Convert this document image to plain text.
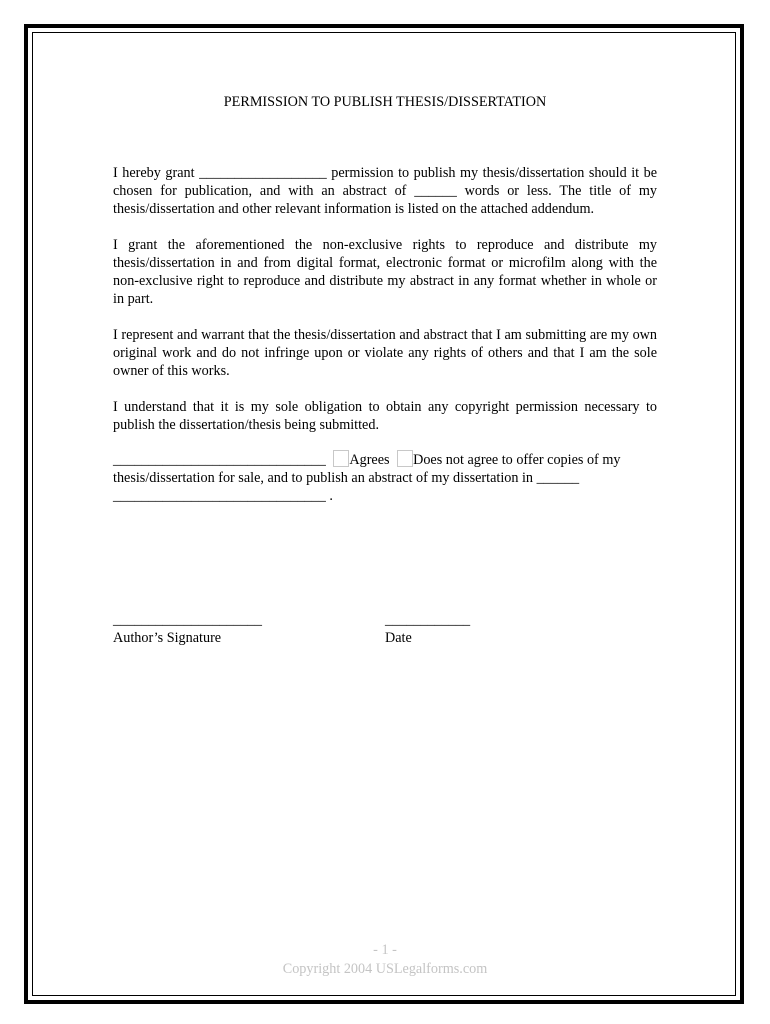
PERMISSION TO PUBLISH THESIS/DISSERTATION

I hereby grant __________________ permission to publish my thesis/dissertation should it be chosen for publication, and with an abstract of ______ words or less. The title of my thesis/dissertation and other relevant information is listed on the attached addendum.

I grant the aforementioned the non-exclusive rights to reproduce and distribute my thesis/dissertation in and from digital format, electronic format or microfilm along with the non-exclusive right to reproduce and distribute my abstract in any format whether in whole or in part.

I represent and warrant that the thesis/dissertation and abstract that I am submitting are my own original work and do not infringe upon or violate any rights of others and that I am the sole owner of this works.

I understand that it is my sole obligation to obtain any copyright permission necessary to publish the dissertation/thesis being submitted.

______________________________ Agrees Does not agree to offer copies of my
thesis/dissertation for sale, and to publish an abstract of my dissertation in ______
______________________________ .
_____________________
Author’s Signature
____________
Date
- 1 -
Copyright 2004 USLegalforms.com
